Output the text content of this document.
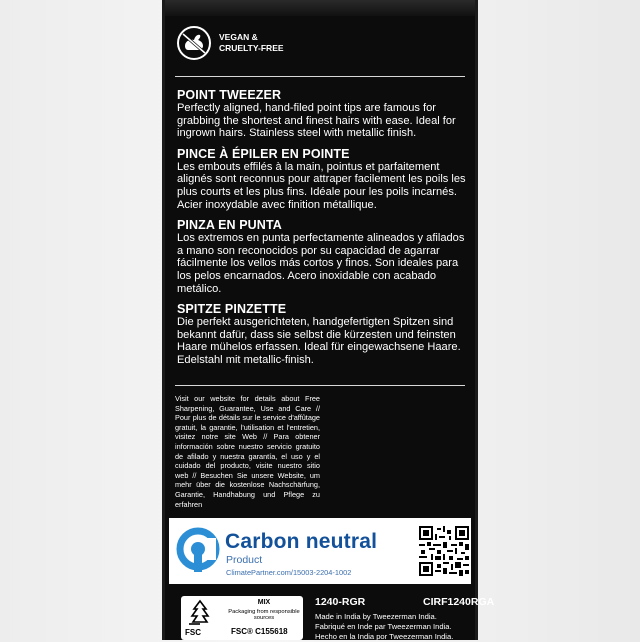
VEGAN &
CRUELTY-FREE
POINT TWEEZER

Perfectly aligned, hand-filed point tips are famous for grabbing the shortest and finest hairs with ease. Ideal for ingrown hairs. Stainless steel with metallic finish.

PINCE À ÉPILER EN POINTE

Les embouts effilés à la main, pointus et parfaitement alignés sont reconnus pour attraper facilement les poils les plus courts et les plus fins. Idéale pour les poils incarnés. Acier inoxydable avec finition métallique.

PINZA EN PUNTA

Los extremos en punta perfectamente alineados y afilados a mano son reconocidos por su capacidad de agarrar fácilmente los vellos más cortos y finos. Son ideales para los pelos encarnados. Acero inoxidable con acabado metálico.

SPITZE PINZETTE

Die perfekt ausgerichteten, handgefertigten Spitzen sind bekannt dafür, dass sie selbst die kürzesten und feinsten Haare mühelos erfassen. Ideal für eingewachsene Haare. Edelstahl mit metallic-finish.

Visit our website for details about Free Sharpening, Guarantee, Use and Care // Pour plus de détails sur le service d'affûtage gratuit, la garantie, l'utilisation et l'entretien, visitez notre site Web // Para obtener información sobre nuestro servicio gratuito de afilado y nuestra garantía, el uso y el cuidado del producto, visite nuestro sitio web // Besuchen Sie unsere Website, um mehr über die kostenlose Nachschärfung, Garantie, Handhabung und Pflege zu erfahren
Carbon neutral
Product
ClimatePartner.com/15003-2204-1002
FSC
MIX
Packaging from responsible sources
FSC® C155618
1240-RGR	CIRF1240RGA
Made in India by Tweezerman India.
Fabriqué en Inde par Tweezerman India.
Hecho en la India por Tweezerman India.
